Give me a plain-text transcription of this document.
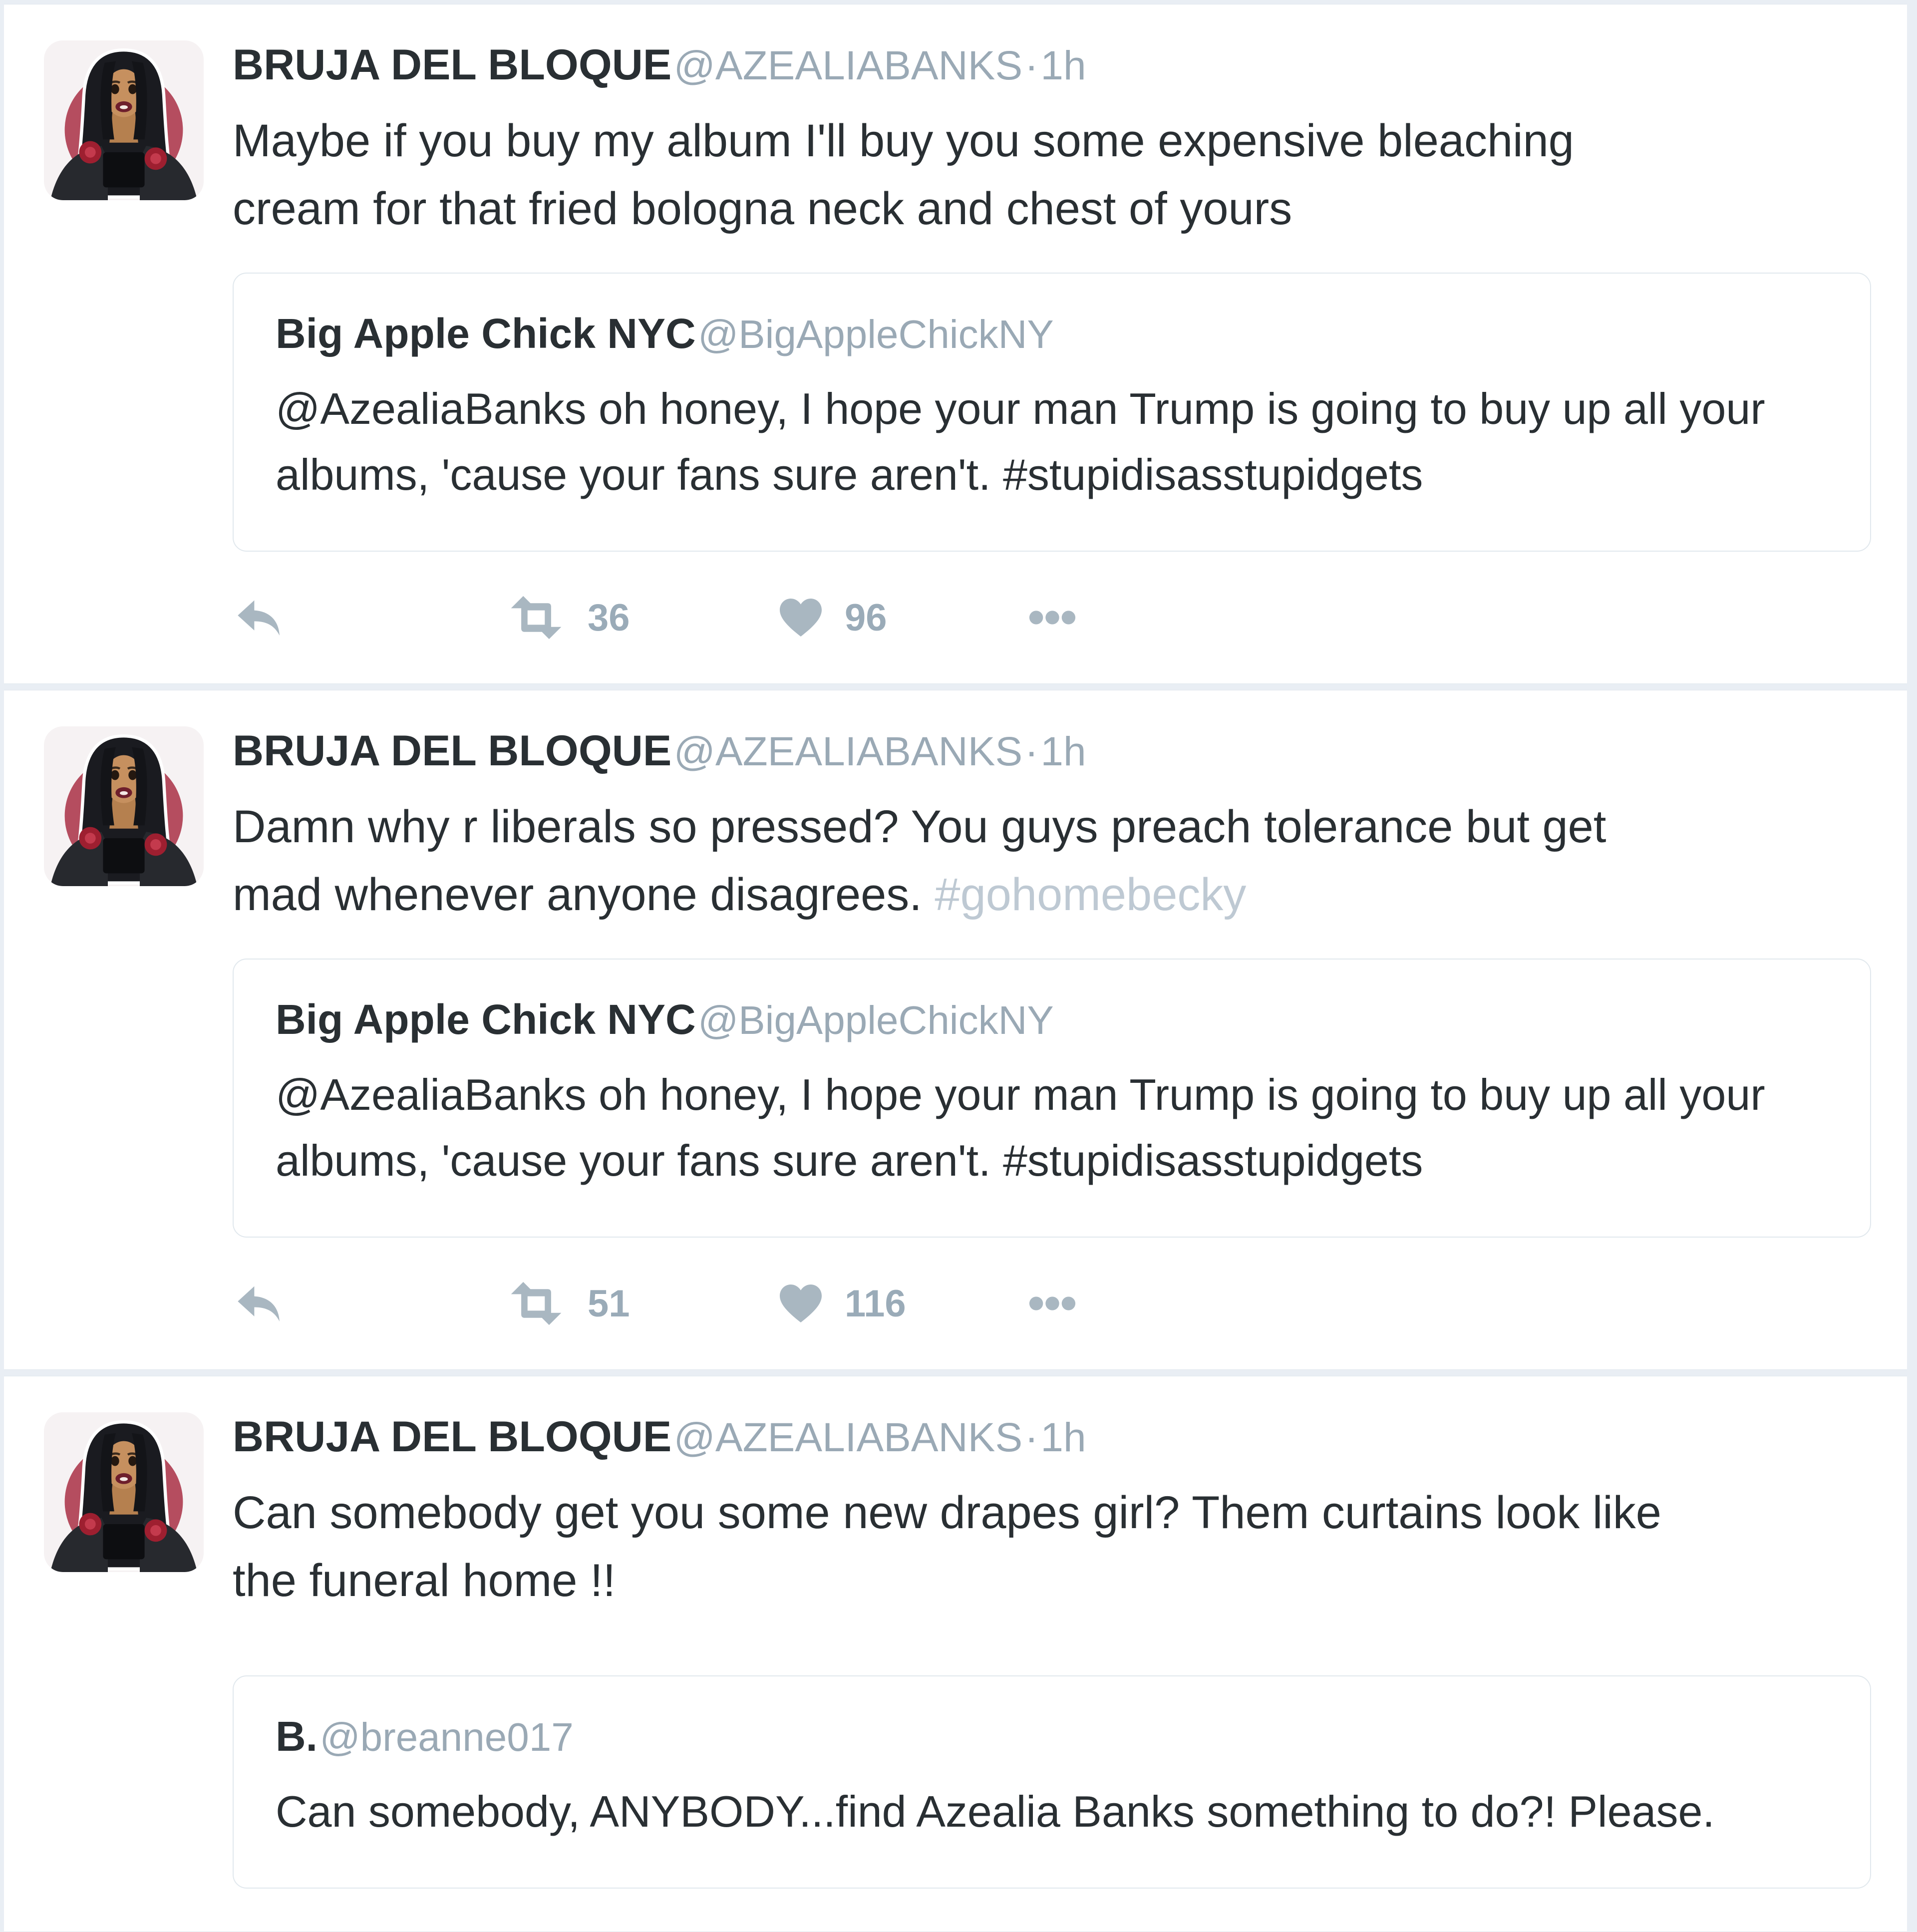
BRUJA DEL BLOQUE @AZEALIABANKS · 1h
Maybe if you buy my album I'll buy you some expensive bleaching
cream for that fried bologna neck and chest of yours
Big Apple Chick NYC @BigAppleChickNY
@AzealiaBanks oh honey, I hope your man Trump is going to buy up all your
albums, 'cause your fans sure aren't. #stupidisasstupidgets
36	96
BRUJA DEL BLOQUE @AZEALIABANKS · 1h
Damn why r liberals so pressed? You guys preach tolerance but get
mad whenever anyone disagrees. #gohomebecky
Big Apple Chick NYC @BigAppleChickNY
@AzealiaBanks oh honey, I hope your man Trump is going to buy up all your
albums, 'cause your fans sure aren't. #stupidisasstupidgets
51	116
BRUJA DEL BLOQUE @AZEALIABANKS · 1h
Can somebody get you some new drapes girl? Them curtains look like
the funeral home !!
B. @breanne017
Can somebody, ANYBODY...find Azealia Banks something to do?! Please.
